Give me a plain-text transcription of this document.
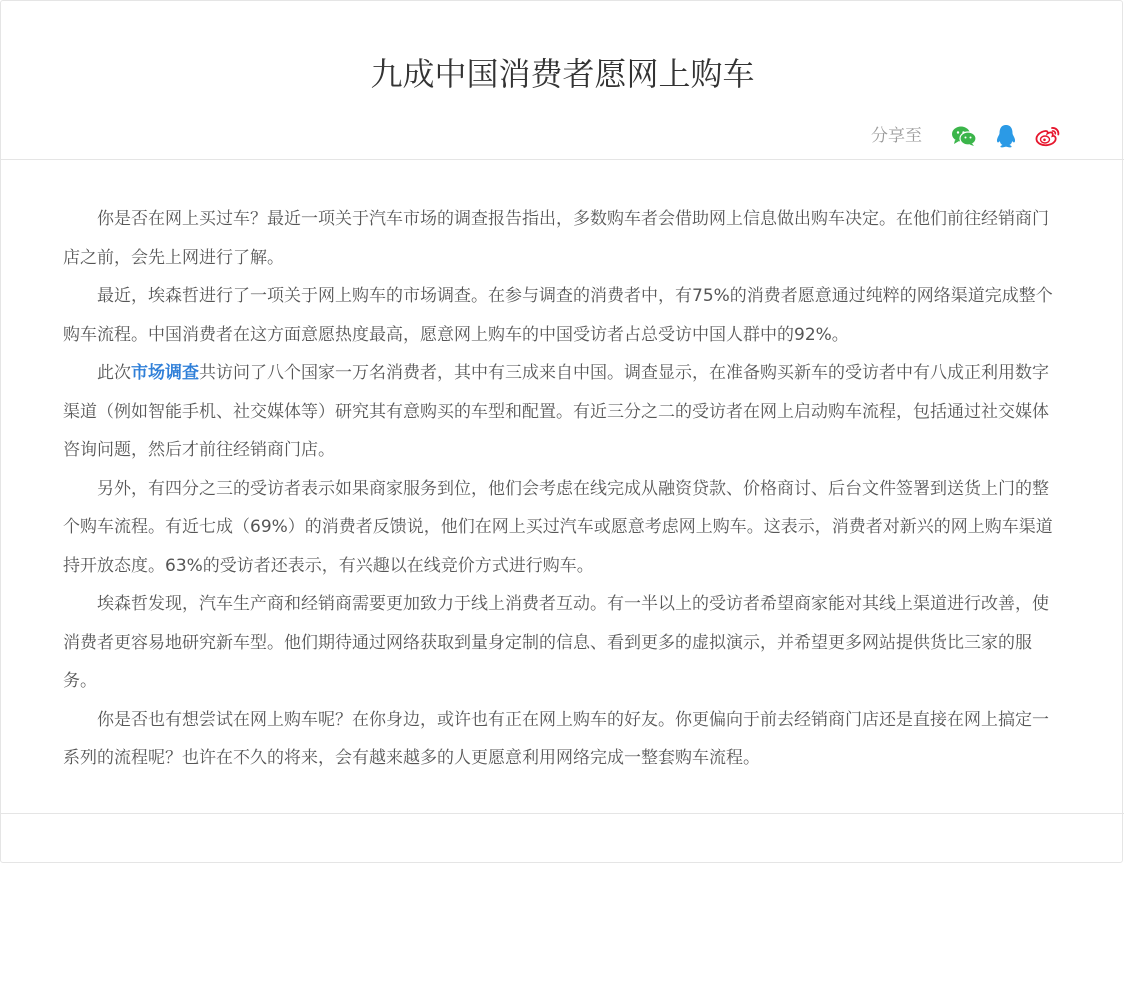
九成中国消费者愿网上购车
分享至

你是否在网上买过车？最近一项关于汽车市场的调查报告指出，多数购车者会借助网上信息做出购车决定。在他们前往经销商门店之前，会先上网进行了解。

最近，埃森哲进行了一项关于网上购车的市场调查。在参与调查的消费者中，有75%的消费者愿意通过纯粹的网络渠道完成整个购车流程。中国消费者在这方面意愿热度最高，愿意网上购车的中国受访者占总受访中国人群中的92%。

此次市场调查共访问了八个国家一万名消费者，其中有三成来自中国。调查显示，在准备购买新车的受访者中有八成正利用数字渠道（例如智能手机、社交媒体等）研究其有意购买的车型和配置。有近三分之二的受访者在网上启动购车流程，包括通过社交媒体咨询问题，然后才前往经销商门店。

另外，有四分之三的受访者表示如果商家服务到位，他们会考虑在线完成从融资贷款、价格商讨、后台文件签署到送货上门的整个购车流程。有近七成（69%）的消费者反馈说，他们在网上买过汽车或愿意考虑网上购车。这表示，消费者对新兴的网上购车渠道持开放态度。63%的受访者还表示，有兴趣以在线竞价方式进行购车。

埃森哲发现，汽车生产商和经销商需要更加致力于线上消费者互动。有一半以上的受访者希望商家能对其线上渠道进行改善，使消费者更容易地研究新车型。他们期待通过网络获取到量身定制的信息、看到更多的虚拟演示，并希望更多网站提供货比三家的服务。

你是否也有想尝试在网上购车呢？在你身边，或许也有正在网上购车的好友。你更偏向于前去经销商门店还是直接在网上搞定一系列的流程呢？也许在不久的将来，会有越来越多的人更愿意利用网络完成一整套购车流程。
